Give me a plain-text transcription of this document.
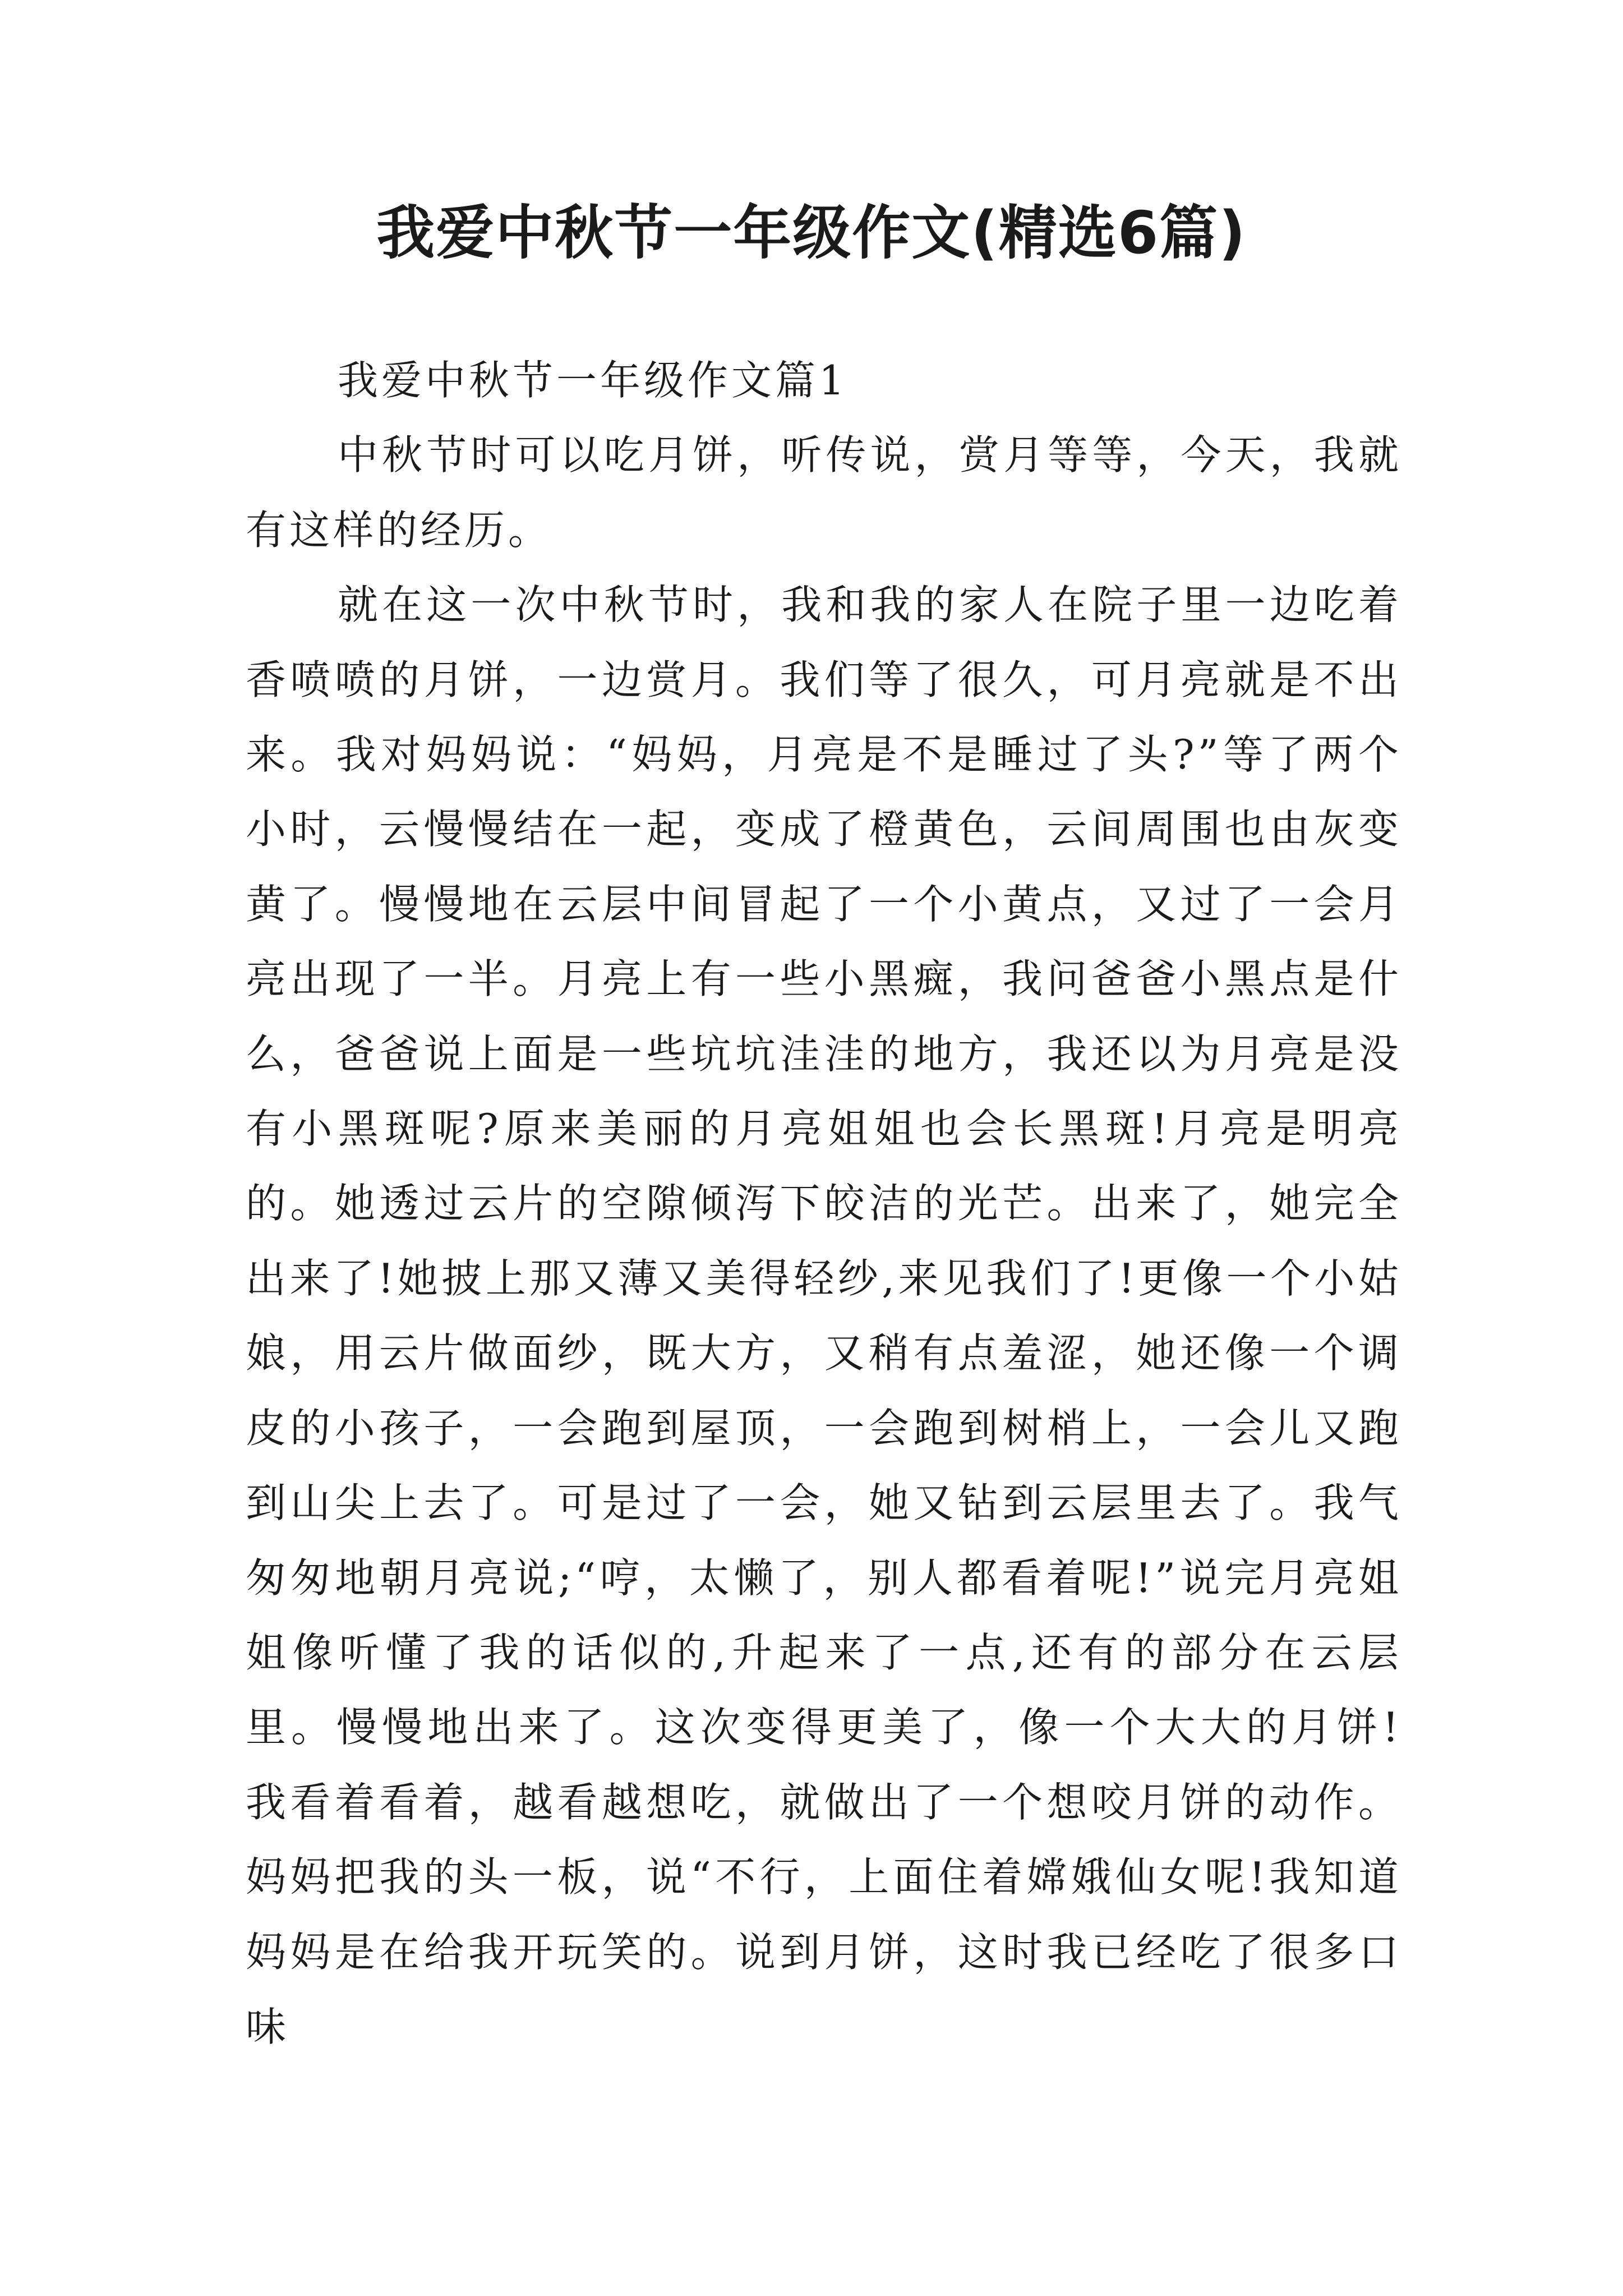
我爱中秋节一年级作文(精选6篇)

我爱中秋节一年级作文篇1

中秋节时可以吃月饼，听传说，赏月等等，今天，我就有这样的经历。

就在这一次中秋节时，我和我的家人在院子里一边吃着香喷喷的月饼，一边赏月。我们等了很久，可月亮就是不出来。我对妈妈说：“妈妈，月亮是不是睡过了头?”等了两个小时，云慢慢结在一起，变成了橙黄色，云间周围也由灰变黄了。慢慢地在云层中间冒起了一个小黄点，又过了一会月亮出现了一半。月亮上有一些小黑癍，我问爸爸小黑点是什么，爸爸说上面是一些坑坑洼洼的地方，我还以为月亮是没有小黑斑呢?原来美丽的月亮姐姐也会长黑斑!月亮是明亮的。她透过云片的空隙倾泻下皎洁的光芒。出来了，她完全出来了!她披上那又薄又美得轻纱,来见我们了!更像一个小姑娘，用云片做面纱，既大方，又稍有点羞涩，她还像一个调皮的小孩子，一会跑到屋顶，一会跑到树梢上，一会儿又跑到山尖上去了。可是过了一会，她又钻到云层里去了。我气匆匆地朝月亮说;“哼，太懒了，别人都看着呢!”说完月亮姐姐像听懂了我的话似的,升起来了一点,还有的部分在云层里。慢慢地出来了。这次变得更美了，像一个大大的月饼!我看着看着，越看越想吃，就做出了一个想咬月饼的动作。妈妈把我的头一板，说“不行，上面住着嫦娥仙女呢!我知道妈妈是在给我开玩笑的。说到月饼，这时我已经吃了很多口味
